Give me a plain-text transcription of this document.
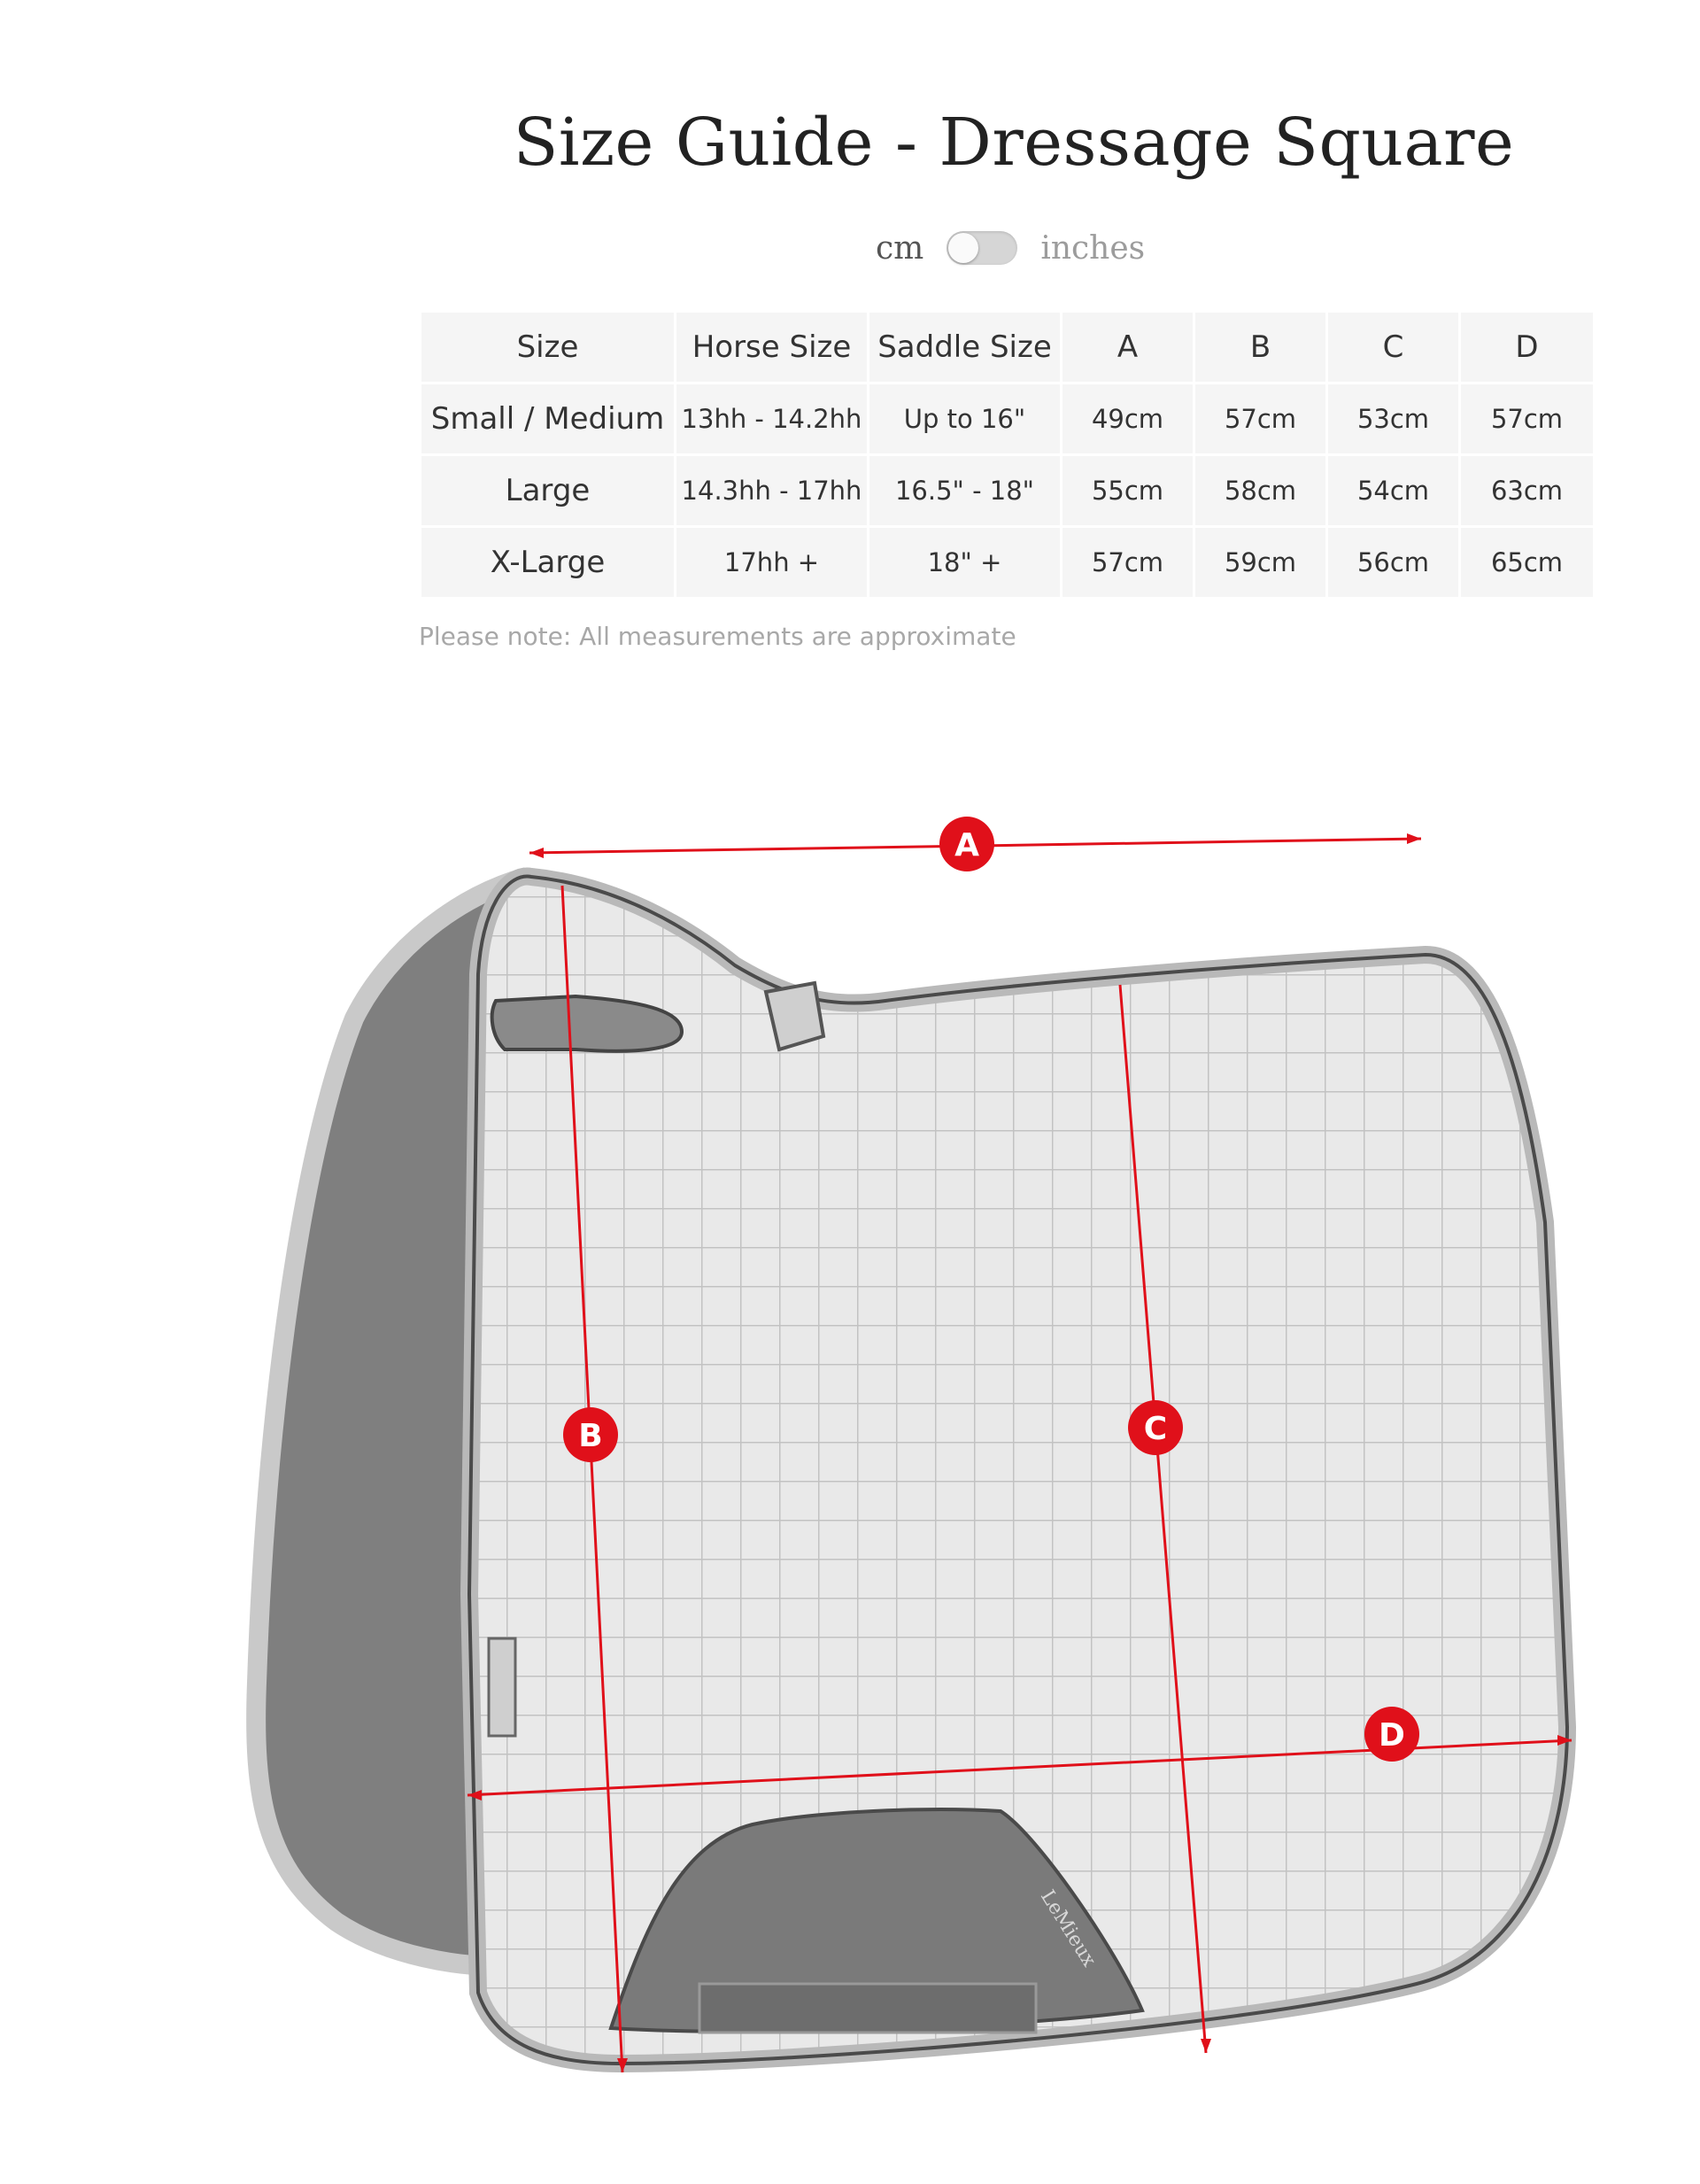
Size Guide - Dressage Square
cm	inches
Size	Horse Size	Saddle Size	A	B	C	D
Small / Medium	13hh - 14.2hh	Up to 16"	49cm	57cm	53cm	57cm
Large	14.3hh - 17hh	16.5" - 18"	55cm	58cm	54cm	63cm
X-Large	17hh +	18" +	57cm	59cm	56cm	65cm
Please note: All measurements are approximate
LeMieux
A
B	C
D
